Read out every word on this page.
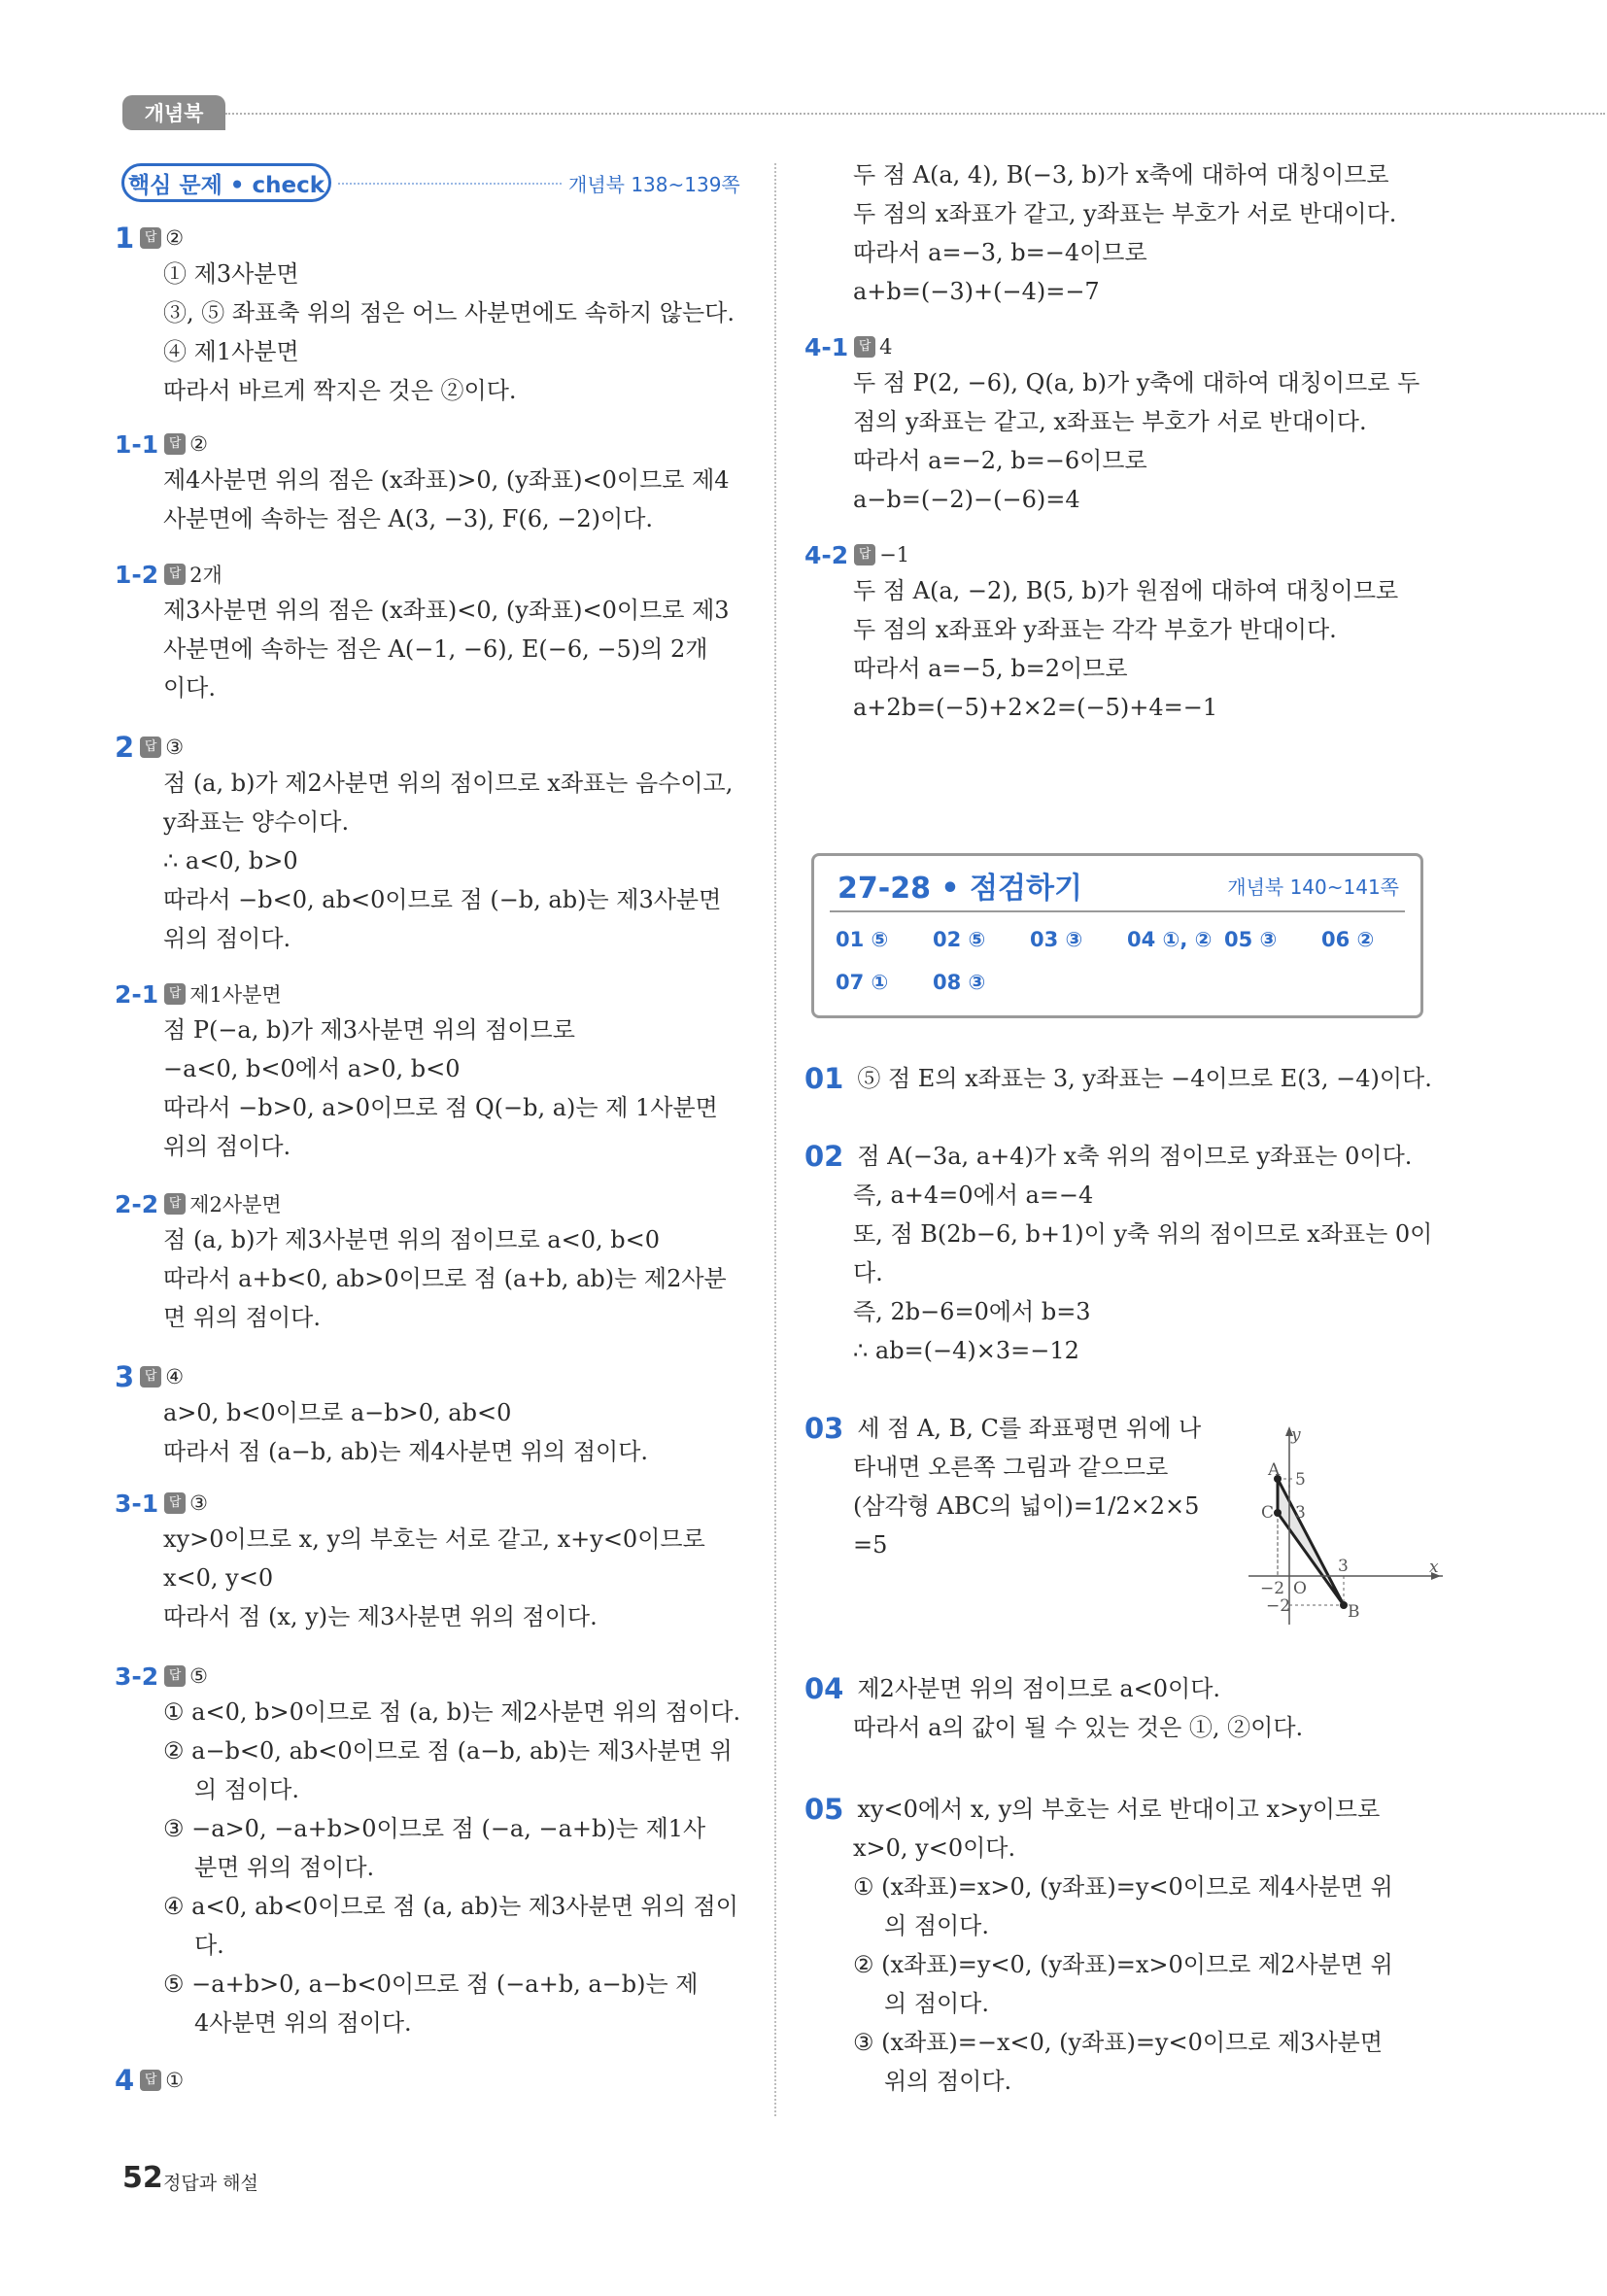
개념북
핵심 문제 • check	개념북 138~139쪽
1 답 ②
① 제3사분면
③, ⑤ 좌표축 위의 점은 어느 사분면에도 속하지 않는다.
④ 제1사분면
따라서 바르게 짝지은 것은 ②이다.
1-1 답 ②
제4사분면 위의 점은 (x좌표)>0, (y좌표)<0이므로 제4
사분면에 속하는 점은 A(3, −3), F(6, −2)이다.
1-2 답 2개
제3사분면 위의 점은 (x좌표)<0, (y좌표)<0이므로 제3
사분면에 속하는 점은 A(−1, −6), E(−6, −5)의 2개
이다.
2 답 ③
점 (a, b)가 제2사분면 위의 점이므로 x좌표는 음수이고,
y좌표는 양수이다.
∴ a<0, b>0
따라서 −b<0, ab<0이므로 점 (−b, ab)는 제3사분면
위의 점이다.
2-1 답 제1사분면
점 P(−a, b)가 제3사분면 위의 점이므로
−a<0, b<0에서 a>0, b<0
따라서 −b>0, a>0이므로 점 Q(−b, a)는 제 1사분면
위의 점이다.
2-2 답 제2사분면
점 (a, b)가 제3사분면 위의 점이므로 a<0, b<0
따라서 a+b<0, ab>0이므로 점 (a+b, ab)는 제2사분
면 위의 점이다.
3 답 ④
a>0, b<0이므로 a−b>0, ab<0
따라서 점 (a−b, ab)는 제4사분면 위의 점이다.
3-1 답 ③
xy>0이므로 x, y의 부호는 서로 같고, x+y<0이므로
x<0, y<0
따라서 점 (x, y)는 제3사분면 위의 점이다.
3-2 답 ⑤
① a<0, b>0이므로 점 (a, b)는 제2사분면 위의 점이다.
② a−b<0, ab<0이므로 점 (a−b, ab)는 제3사분면 위
의 점이다.
③ −a>0, −a+b>0이므로 점 (−a, −a+b)는 제1사
분면 위의 점이다.
④ a<0, ab<0이므로 점 (a, ab)는 제3사분면 위의 점이
다.
⑤ −a+b>0, a−b<0이므로 점 (−a+b, a−b)는 제
4사분면 위의 점이다.
4 답 ①
두 점 A(a, 4), B(−3, b)가 x축에 대하여 대칭이므로
두 점의 x좌표가 같고, y좌표는 부호가 서로 반대이다.
따라서 a=−3, b=−4이므로
a+b=(−3)+(−4)=−7
4-1 답 4
두 점 P(2, −6), Q(a, b)가 y축에 대하여 대칭이므로 두
점의 y좌표는 같고, x좌표는 부호가 서로 반대이다.
따라서 a=−2, b=−6이므로
a−b=(−2)−(−6)=4
4-2 답 −1
두 점 A(a, −2), B(5, b)가 원점에 대하여 대칭이므로
두 점의 x좌표와 y좌표는 각각 부호가 반대이다.
따라서 a=−5, b=2이므로
a+2b=(−5)+2×2=(−5)+4=−1
27-28 • 점검하기	개념북 140~141쪽
01 ⑤ 02 ⑤ 03 ③ 04 ①, ② 05 ③ 06 ②
07 ① 08 ③
01 ⑤ 점 E의 x좌표는 3, y좌표는 −4이므로 E(3, −4)이다.
02 점 A(−3a, a+4)가 x축 위의 점이므로 y좌표는 0이다.
즉, a+4=0에서 a=−4
또, 점 B(2b−6, b+1)이 y축 위의 점이므로 x좌표는 0이
다.
즉, 2b−6=0에서 b=3
∴ ab=(−4)×3=−12
03 세 점 A, B, C를 좌표평면 위에 나
타내면 오른쪽 그림과 같으므로
(삼각형 ABC의 넓이)=1/2×2×5
=5
04 제2사분면 위의 점이므로 a<0이다.
따라서 a의 값이 될 수 있는 것은 ①, ②이다.
05 xy<0에서 x, y의 부호는 서로 반대이고 x>y이므로
x>0, y<0이다.
① (x좌표)=x>0, (y좌표)=y<0이므로 제4사분면 위
의 점이다.
② (x좌표)=y<0, (y좌표)=x>0이므로 제2사분면 위
의 점이다.
③ (x좌표)=−x<0, (y좌표)=y<0이므로 제3사분면
위의 점이다.
y
x
A
C
B
O
5
3
3
−2
−2
52 정답과 해설
